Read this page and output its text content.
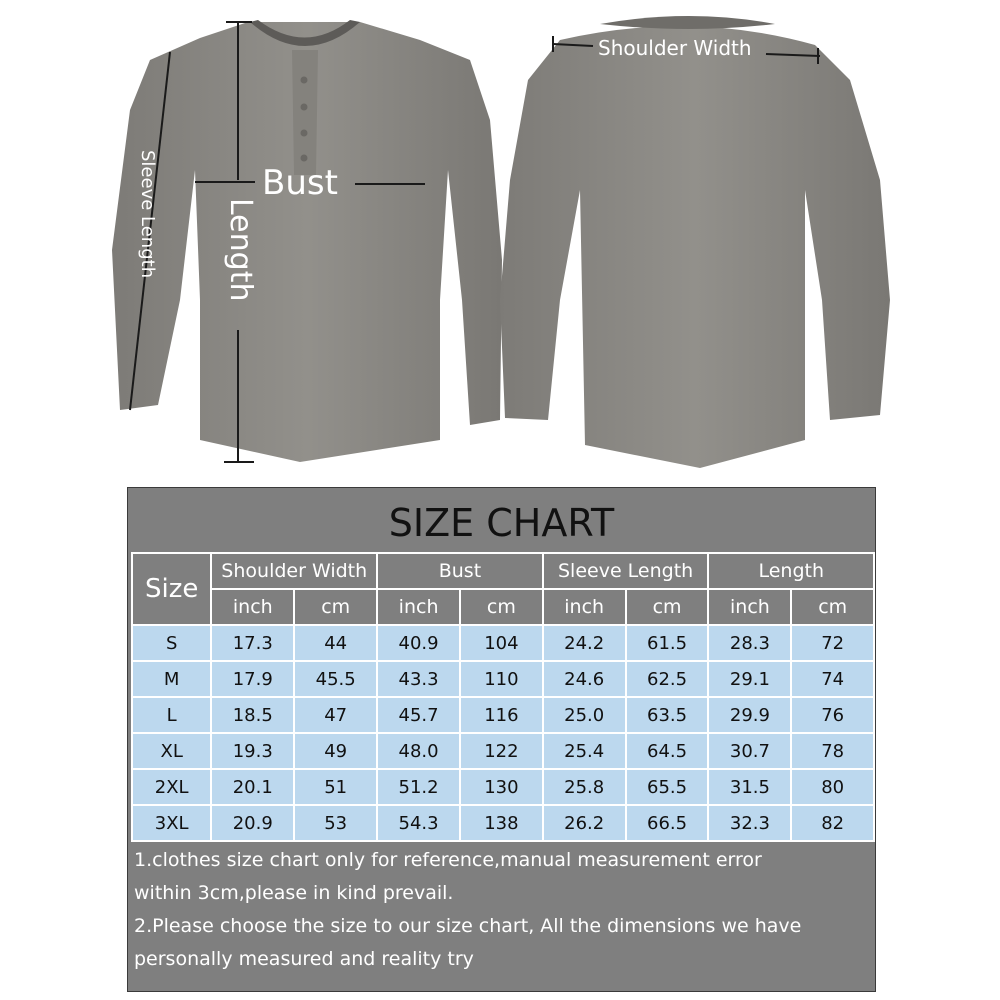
Shoulder Width
Bust
Length
Sleeve Length
SIZE CHART
Size	Shoulder Width		Bust		Sleeve Length		Length	
	inch	cm	inch	cm	inch	cm	inch	cm
S	17.3	44	40.9	104	24.2	61.5	28.3	72
M	17.9	45.5	43.3	110	24.6	62.5	29.1	74
L	18.5	47	45.7	116	25.0	63.5	29.9	76
XL	19.3	49	48.0	122	25.4	64.5	30.7	78
2XL	20.1	51	51.2	130	25.8	65.5	31.5	80
3XL	20.9	53	54.3	138	26.2	66.5	32.3	82
1.clothes size chart only for reference,manual measurement error
within 3cm,please in kind prevail.
2.Please choose the size to our size chart, All the dimensions we have
personally measured and reality try
